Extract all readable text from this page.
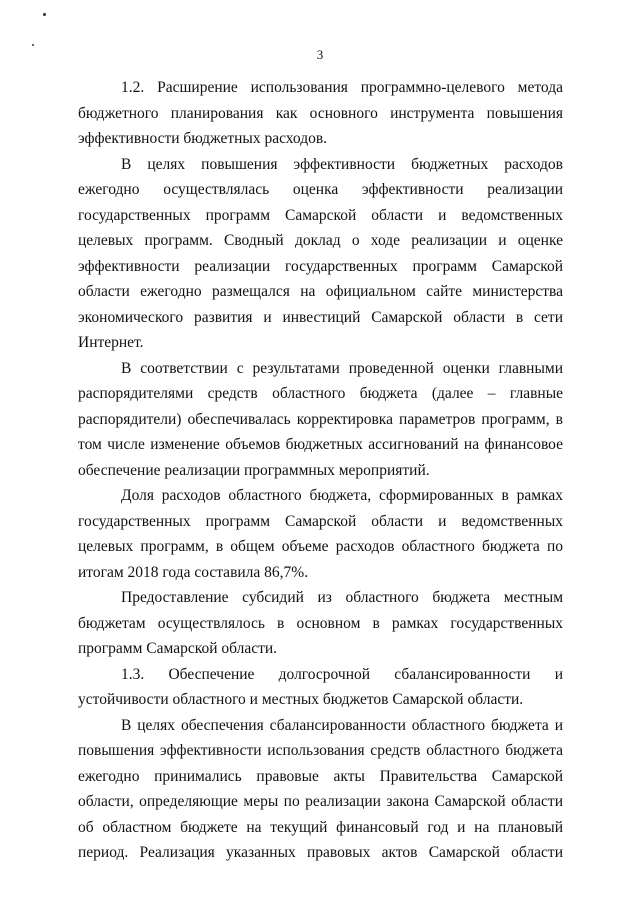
3

1.2. Расширение использования программно-целевого метода бюджетного планирования как основного инструмента повышения эффективности бюджетных расходов.

В целях повышения эффективности бюджетных расходов ежегодно осуществлялась оценка эффективности реализации государственных программ Самарской области и ведомственных целевых программ. Сводный доклад о ходе реализации и оценке эффективности реализации государственных программ Самарской области ежегодно размещался на официальном сайте министерства экономического развития и инвестиций Самарской области в сети Интернет.

В соответствии с результатами проведенной оценки главными распорядителями средств областного бюджета (далее – главные распорядители) обеспечивалась корректировка параметров программ, в том числе изменение объемов бюджетных ассигнований на финансовое обеспечение реализации программных мероприятий.

Доля расходов областного бюджета, сформированных в рамках государственных программ Самарской области и ведомственных целевых программ, в общем объеме расходов областного бюджета по итогам 2018 года составила 86,7%.

Предоставление субсидий из областного бюджета местным бюджетам осуществлялось в основном в рамках государственных программ Самарской области.

1.3. Обеспечение долгосрочной сбалансированности и устойчивости областного и местных бюджетов Самарской области.

В целях обеспечения сбалансированности областного бюджета и повышения эффективности использования средств областного бюджета ежегодно принимались правовые акты Правительства Самарской области, определяющие меры по реализации закона Самарской области об областном бюджете на текущий финансовый год и на плановый период. Реализация указанных правовых актов Самарской области
